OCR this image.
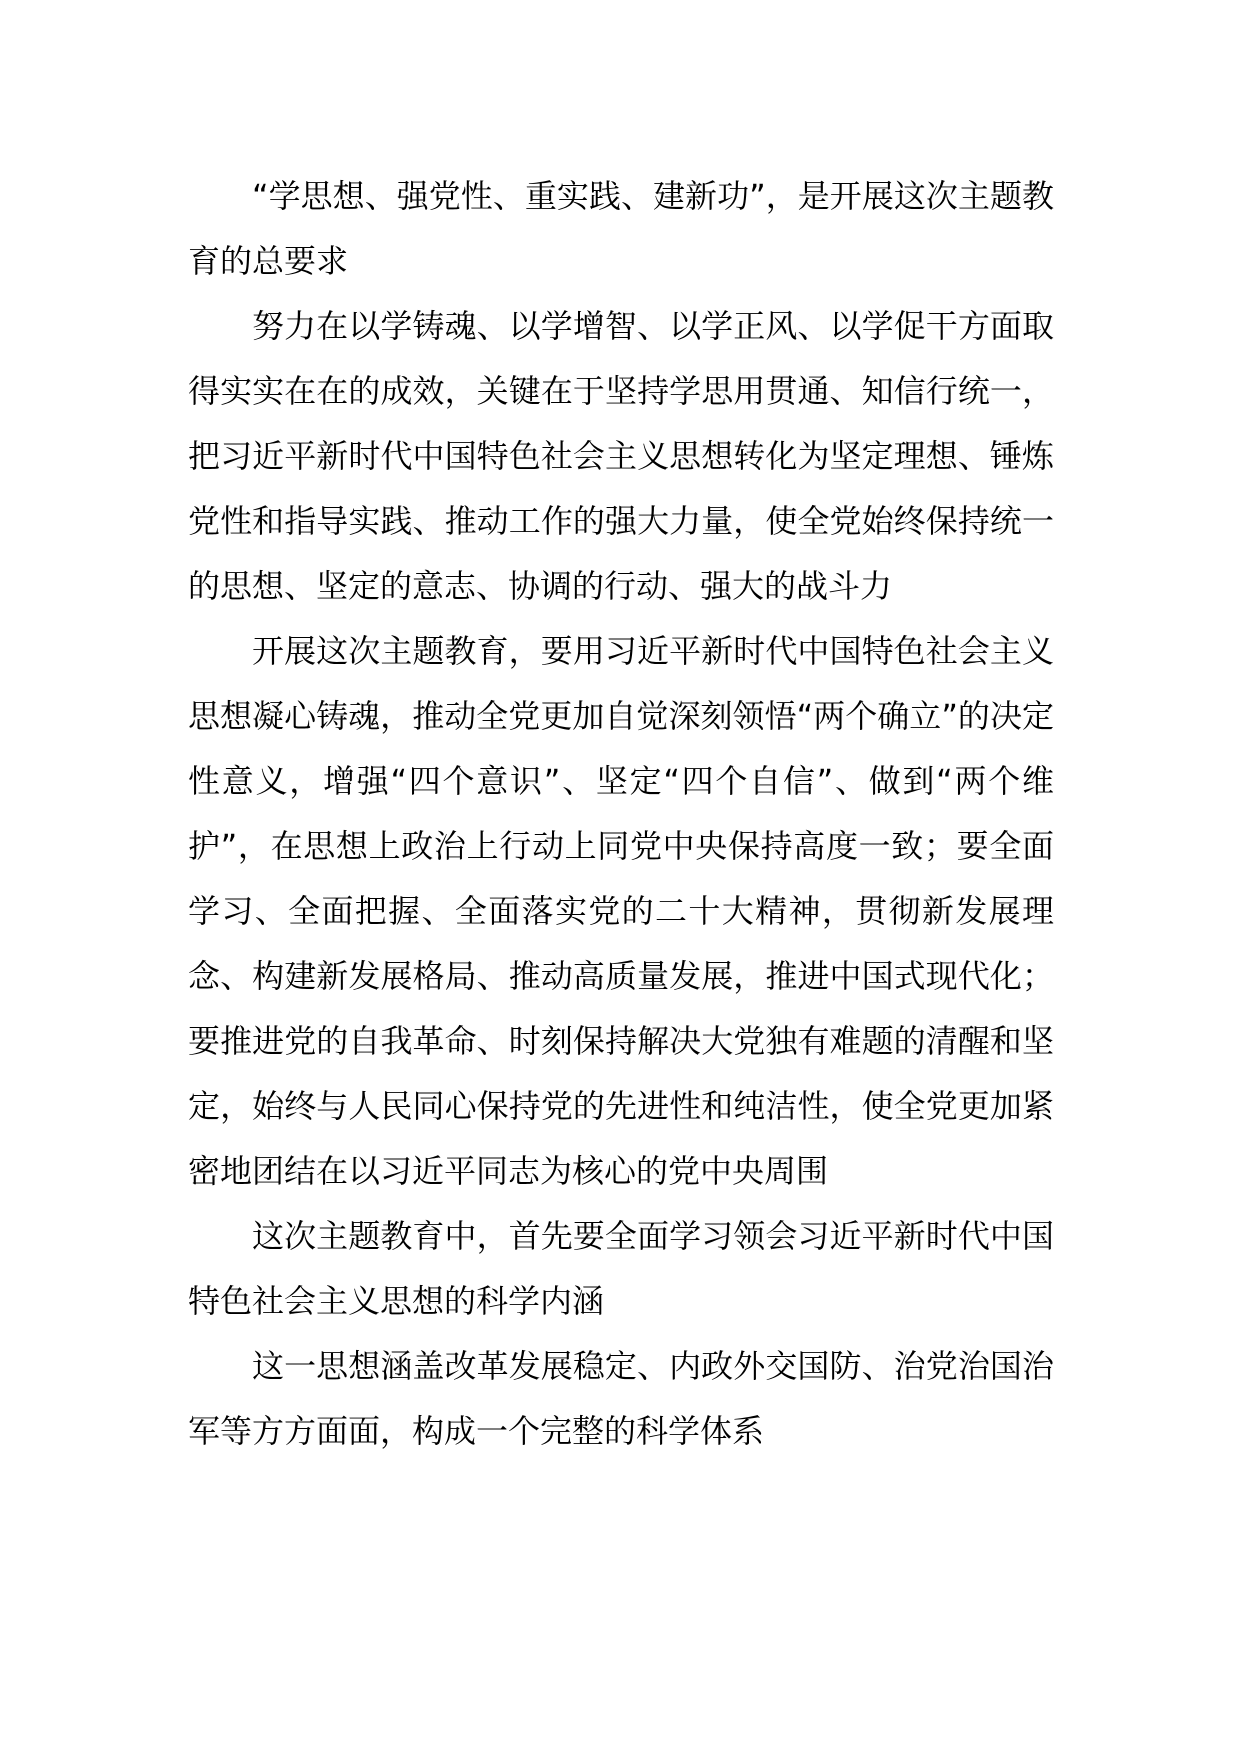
“学思想、强党性、重实践、建新功”，是开展这次主题教育的总要求

努力在以学铸魂、以学增智、以学正风、以学促干方面取得实实在在的成效，关键在于坚持学思用贯通、知信行统一，把习近平新时代中国特色社会主义思想转化为坚定理想、锤炼党性和指导实践、推动工作的强大力量，使全党始终保持统一的思想、坚定的意志、协调的行动、强大的战斗力

开展这次主题教育，要用习近平新时代中国特色社会主义思想凝心铸魂，推动全党更加自觉深刻领悟“两个确立”的决定性意义，增强“四个意识”、坚定“四个自信”、做到“两个维护”，在思想上政治上行动上同党中央保持高度一致；要全面学习、全面把握、全面落实党的二十大精神，贯彻新发展理念、构建新发展格局、推动高质量发展，推进中国式现代化；要推进党的自我革命、时刻保持解决大党独有难题的清醒和坚定，始终与人民同心保持党的先进性和纯洁性，使全党更加紧密地团结在以习近平同志为核心的党中央周围

这次主题教育中，首先要全面学习领会习近平新时代中国特色社会主义思想的科学内涵

这一思想涵盖改革发展稳定、内政外交国防、治党治国治军等方方面面，构成一个完整的科学体系
